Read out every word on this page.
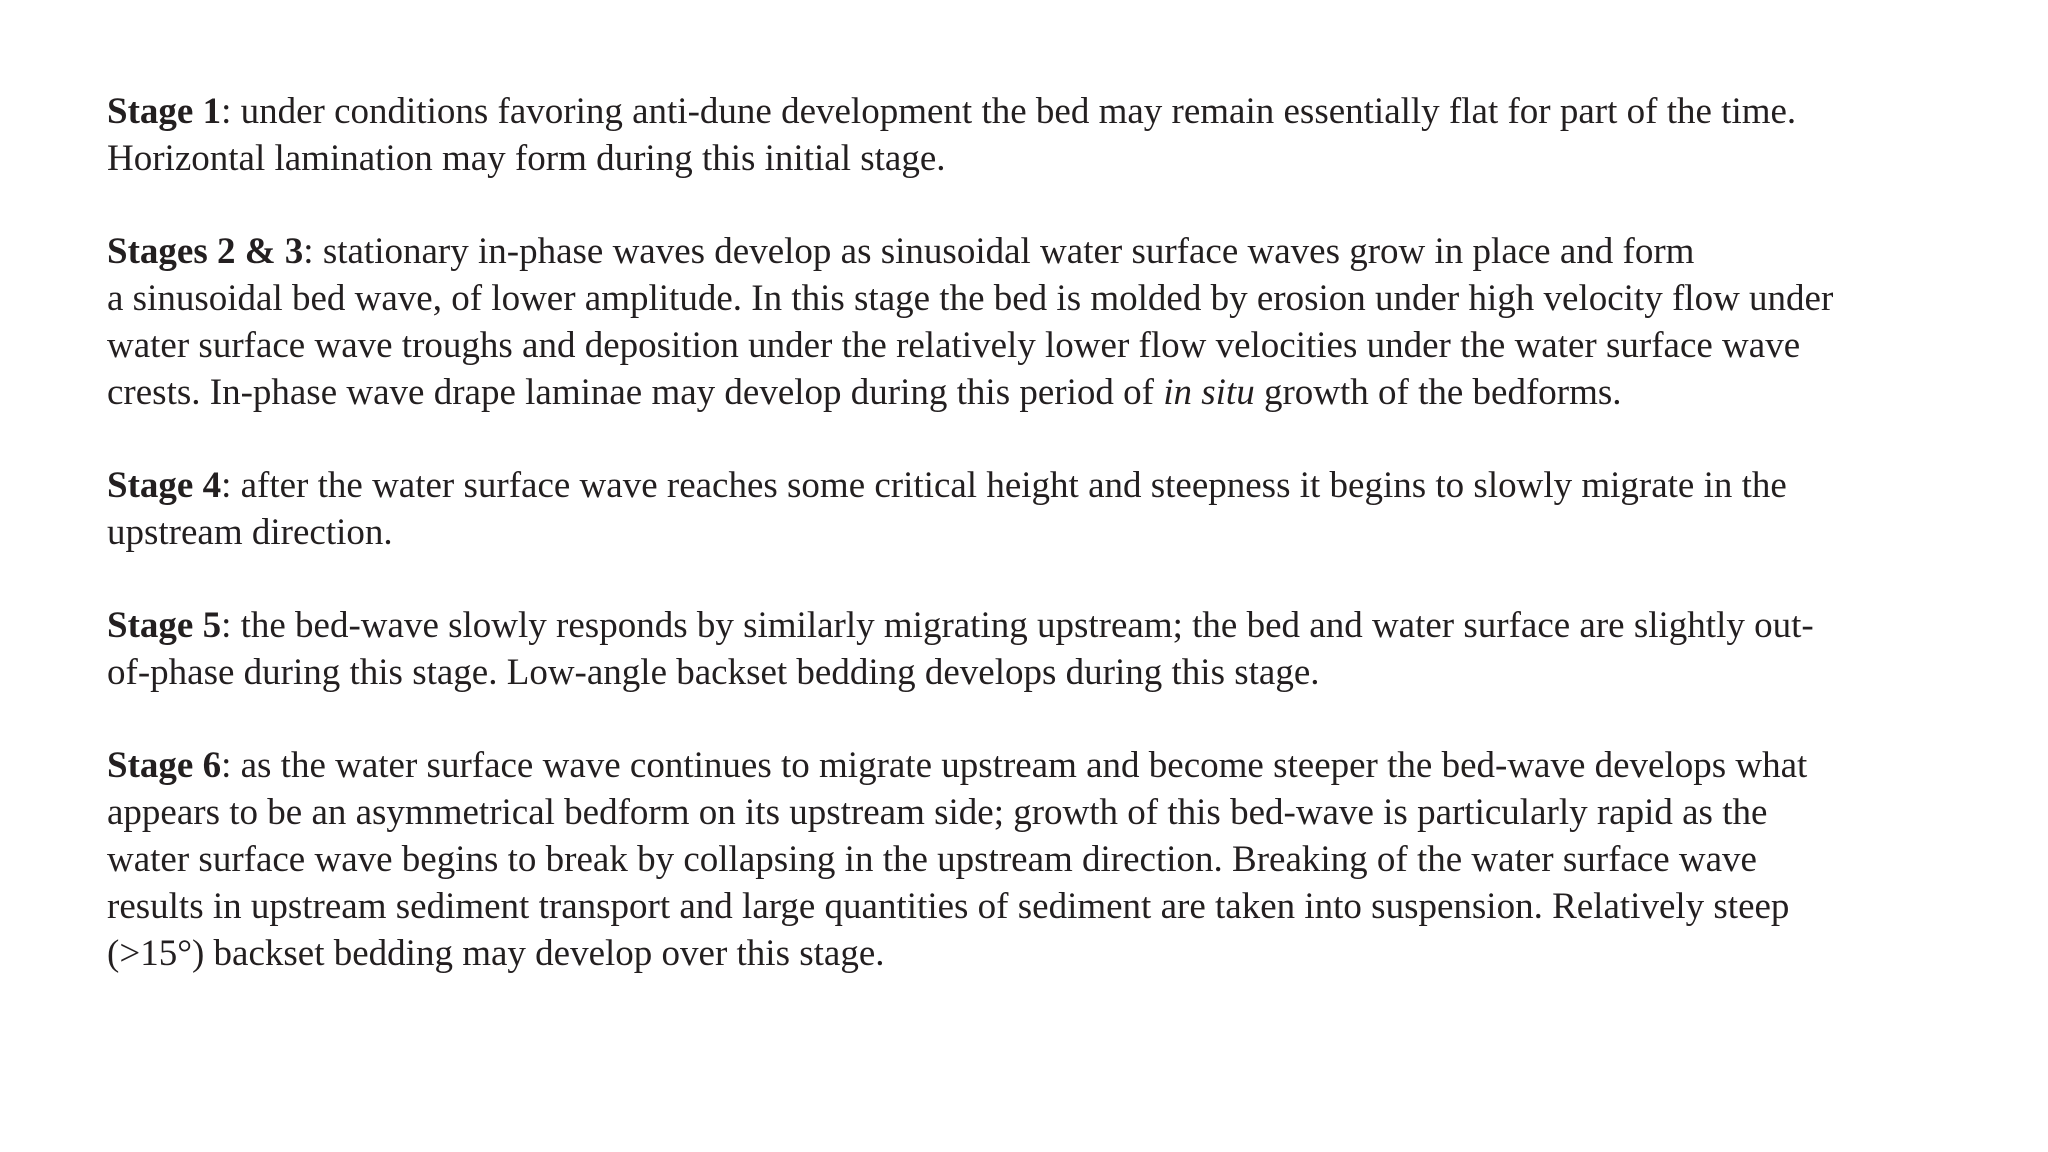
Stage 1: under conditions favoring anti-dune development the bed may remain essentially flat for part of the time.
Horizontal lamination may form during this initial stage.

Stages 2 & 3: stationary in-phase waves develop as sinusoidal water surface waves grow in place and form
a sinusoidal bed wave, of lower amplitude. In this stage the bed is molded by erosion under high velocity flow under
water surface wave troughs and deposition under the relatively lower flow velocities under the water surface wave
crests. In-phase wave drape laminae may develop during this period of in situ growth of the bedforms.

Stage 4: after the water surface wave reaches some critical height and steepness it begins to slowly migrate in the
upstream direction.

Stage 5: the bed-wave slowly responds by similarly migrating upstream; the bed and water surface are slightly out-
of-phase during this stage. Low-angle backset bedding develops during this stage.

Stage 6: as the water surface wave continues to migrate upstream and become steeper the bed-wave develops what
appears to be an asymmetrical bedform on its upstream side; growth of this bed-wave is particularly rapid as the
water surface wave begins to break by collapsing in the upstream direction. Breaking of the water surface wave
results in upstream sediment transport and large quantities of sediment are taken into suspension. Relatively steep
(>15°) backset bedding may develop over this stage.
